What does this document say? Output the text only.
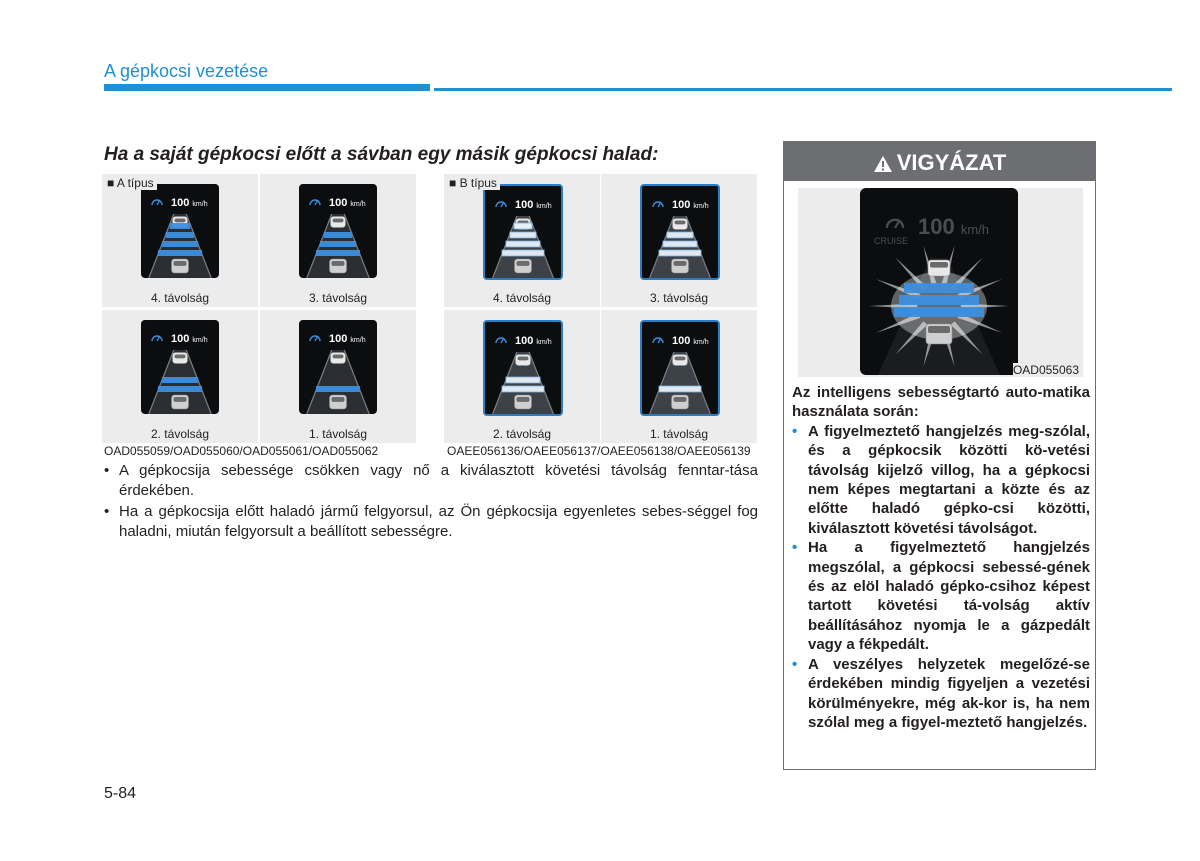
A gépkocsi vezetése
Ha a saját gépkocsi előtt a sávban egy másik gépkocsi halad:
100 km/h
4. távolság
100 km/h
3. távolság
100 km/h
2. távolság
100 km/h
1. távolság
■ A típus
OAD055059/OAD055060/OAD055061/OAD055062
100 km/h
4. távolság
100 km/h
3. távolság
100 km/h
2. távolság
100 km/h
1. távolság
■ B típus
OAEE056136/OAEE056137/OAEE056138/OAEE056139
• A gépkocsija sebessége csökken vagy nő a kiválasztott követési távolság fenntar-tása érdekében.
• Ha a gépkocsija előtt haladó jármű felgyorsul, az Ön gépkocsija egyenletes sebes-séggel fog haladni, miután felgyorsult a beállított sebességre.
VIGYÁZAT
CRUISE
100 km/h
OAD055063
Az intelligens sebességtartó auto-matika használata során:
• A figyelmeztető hangjelzés meg-szólal, és a gépkocsik közötti kö-vetési távolság kijelző villog, ha a gépkocsi nem képes megtartani a közte és az előtte haladó gépko-csi közötti, kiválasztott követési távolságot.
• Ha a figyelmeztető hangjelzés megszólal, a gépkocsi sebessé-gének és az elöl haladó gépko-csihoz képest tartott követési tá-volság aktív beállításához nyomja le a gázpedált vagy a fékpedált.
• A veszélyes helyzetek megelőzé-se érdekében mindig figyeljen a vezetési körülményekre, még ak-kor is, ha nem szólal meg a figyel-meztető hangjelzés.
5-84
